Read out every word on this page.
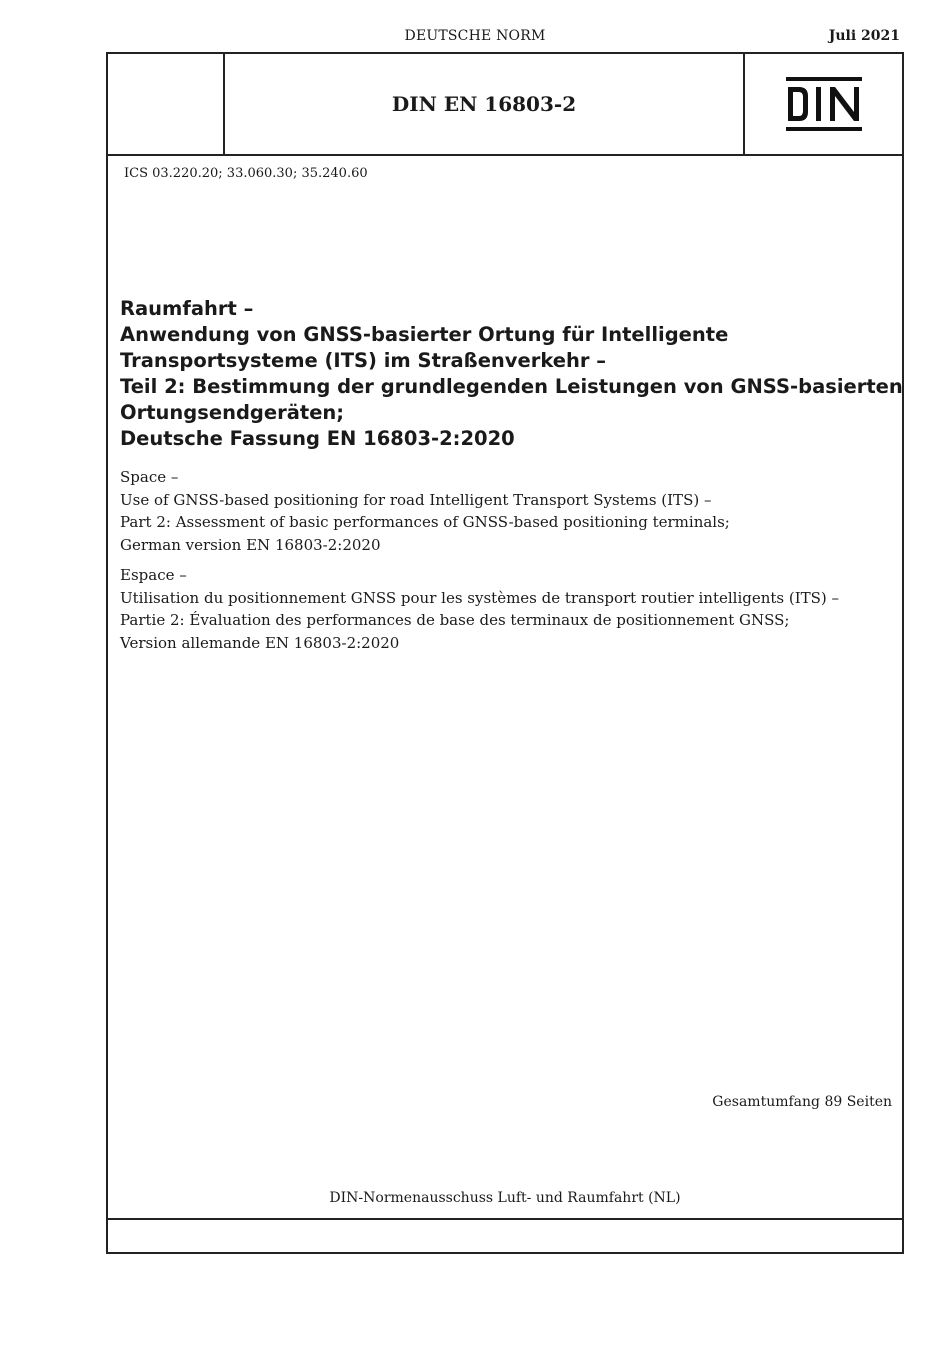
DEUTSCHE NORM	Juli 2021
DIN EN 16803-2
ICS 03.220.20; 33.060.30; 35.240.60
Raumfahrt –
Anwendung von GNSS-basierter Ortung für Intelligente
Transportsysteme (ITS) im Straßenverkehr –
Teil 2: Bestimmung der grundlegenden Leistungen von GNSS-basierten
Ortungsendgeräten;
Deutsche Fassung EN 16803-2:2020
Space –
Use of GNSS-based positioning for road Intelligent Transport Systems (ITS) –
Part 2: Assessment of basic performances of GNSS-based positioning terminals;
German version EN 16803-2:2020
Espace –
Utilisation du positionnement GNSS pour les systèmes de transport routier intelligents (ITS) –
Partie 2: Évaluation des performances de base des terminaux de positionnement GNSS;
Version allemande EN 16803-2:2020
Gesamtumfang 89 Seiten
DIN-Normenausschuss Luft- und Raumfahrt (NL)
